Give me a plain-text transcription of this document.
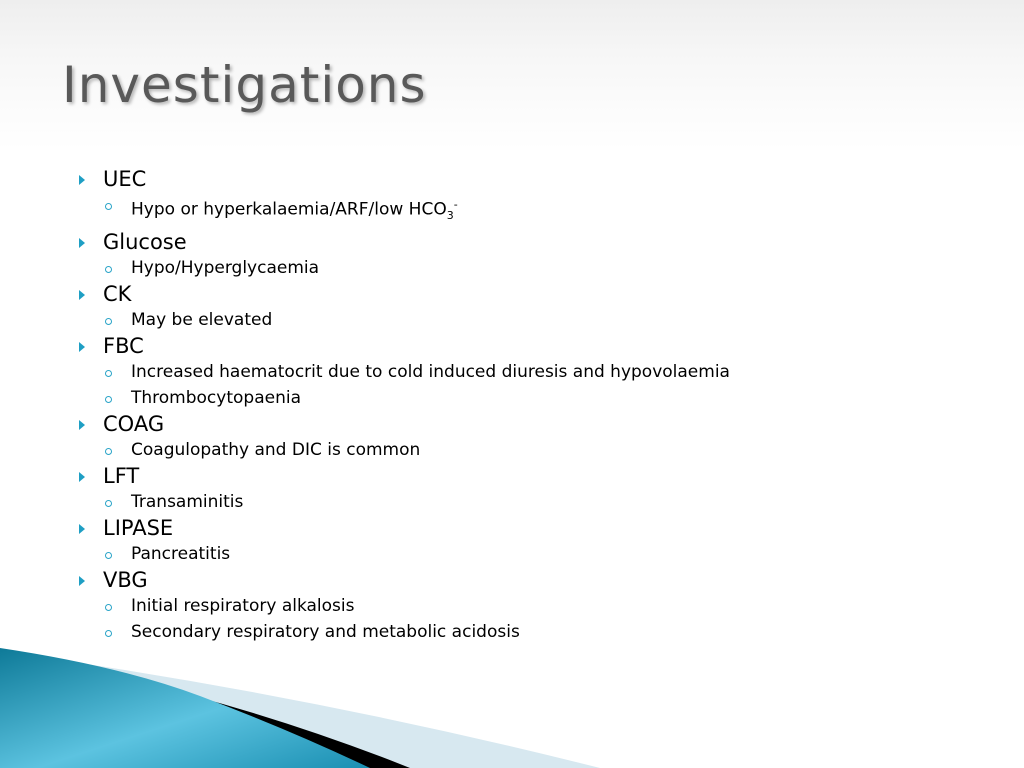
Investigations
UEC
Hypo or hyperkalaemia/ARF/low $HCO_3^-$
Glucose
Hypo/Hyperglycaemia
CK
May be elevated
FBC
Increased haematocrit due to cold induced diuresis and hypovolaemia
Thrombocytopaenia
COAG
Coagulopathy and DIC is common
LFT
Transaminitis
LIPASE
Pancreatitis
VBG
Initial respiratory alkalosis
Secondary respiratory and metabolic acidosis
